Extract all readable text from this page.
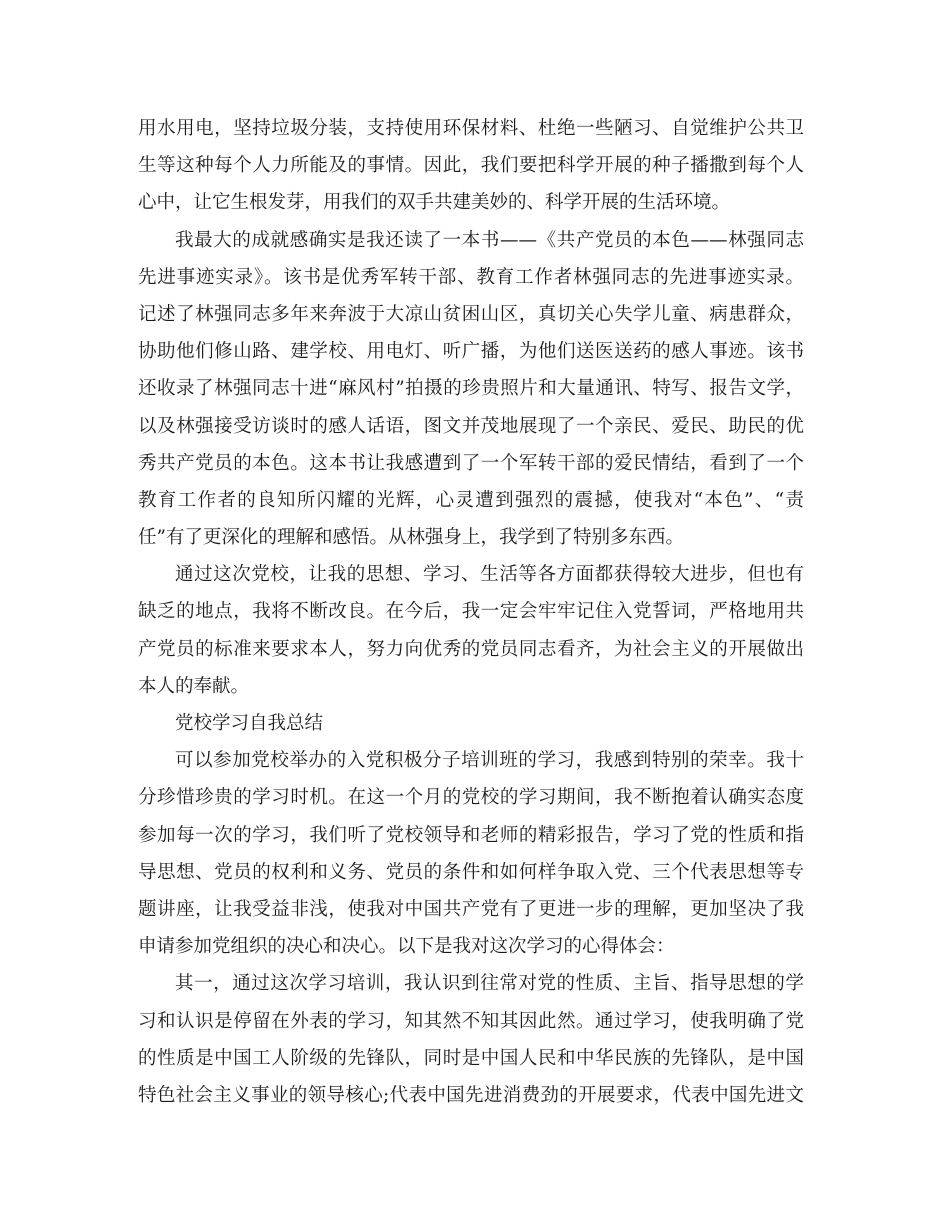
用水用电，坚持垃圾分装，支持使用环保材料、杜绝一些陋习、自觉维护公共卫
生等这种每个人力所能及的事情。因此，我们要把科学开展的种子播撒到每个人
心中，让它生根发芽，用我们的双手共建美妙的、科学开展的生活环境。
我最大的成就感确实是我还读了一本书——《共产党员的本色——林强同志
先进事迹实录》。该书是优秀军转干部、教育工作者林强同志的先进事迹实录。
记述了林强同志多年来奔波于大凉山贫困山区，真切关心失学儿童、病患群众，
协助他们修山路、建学校、用电灯、听广播，为他们送医送药的感人事迹。该书
还收录了林强同志十进“麻风村”拍摄的珍贵照片和大量通讯、特写、报告文学，
以及林强接受访谈时的感人话语，图文并茂地展现了一个亲民、爱民、助民的优
秀共产党员的本色。这本书让我感遭到了一个军转干部的爱民情结，看到了一个
教育工作者的良知所闪耀的光辉，心灵遭到强烈的震撼，使我对“本色”、“责
任”有了更深化的理解和感悟。从林强身上，我学到了特别多东西。
通过这次党校，让我的思想、学习、生活等各方面都获得较大进步，但也有
缺乏的地点，我将不断改良。在今后，我一定会牢牢记住入党誓词，严格地用共
产党员的标准来要求本人，努力向优秀的党员同志看齐，为社会主义的开展做出
本人的奉献。
党校学习自我总结
可以参加党校举办的入党积极分子培训班的学习，我感到特别的荣幸。我十
分珍惜珍贵的学习时机。在这一个月的党校的学习期间，我不断抱着认确实态度
参加每一次的学习，我们听了党校领导和老师的精彩报告，学习了党的性质和指
导思想、党员的权利和义务、党员的条件和如何样争取入党、三个代表思想等专
题讲座，让我受益非浅，使我对中国共产党有了更进一步的理解，更加坚决了我
申请参加党组织的决心和决心。以下是我对这次学习的心得体会：
其一，通过这次学习培训，我认识到往常对党的性质、主旨、指导思想的学
习和认识是停留在外表的学习，知其然不知其因此然。通过学习，使我明确了党
的性质是中国工人阶级的先锋队，同时是中国人民和中华民族的先锋队，是中国
特色社会主义事业的领导核心;代表中国先进消费劲的开展要求，代表中国先进文
